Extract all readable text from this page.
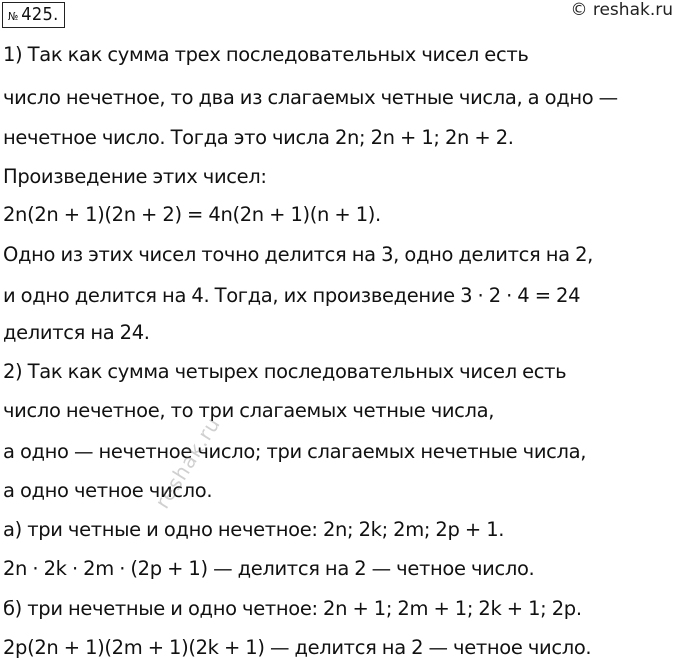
№ 425.	© reshak.ru
1) Так как сумма трех последовательных чисел есть
число нечетное, то два из слагаемых четные числа, а одно —
нечетное число. Тогда это числа 2n; 2n + 1; 2n + 2.
Произведение этих чисел:
2n(2n + 1)(2n + 2) = 4n(2n + 1)(n + 1).
Одно из этих чисел точно делится на 3, одно делится на 2,
и одно делится на 4. Тогда, их произведение 3 · 2 · 4 = 24
делится на 24.
2) Так как сумма четырех последовательных чисел есть
число нечетное, то три слагаемых четные числа,
а одно — нечетное число; три слагаемых нечетные числа,
а одно четное число.
а) три четные и одно нечетное: 2n; 2k; 2m; 2p + 1.
2n · 2k · 2m · (2p + 1) — делится на 2 — четное число.
б) три нечетные и одно четное: 2n + 1; 2m + 1; 2k + 1; 2p.
2p(2n + 1)(2m + 1)(2k + 1) — делится на 2 — четное число.
reshak.ru
